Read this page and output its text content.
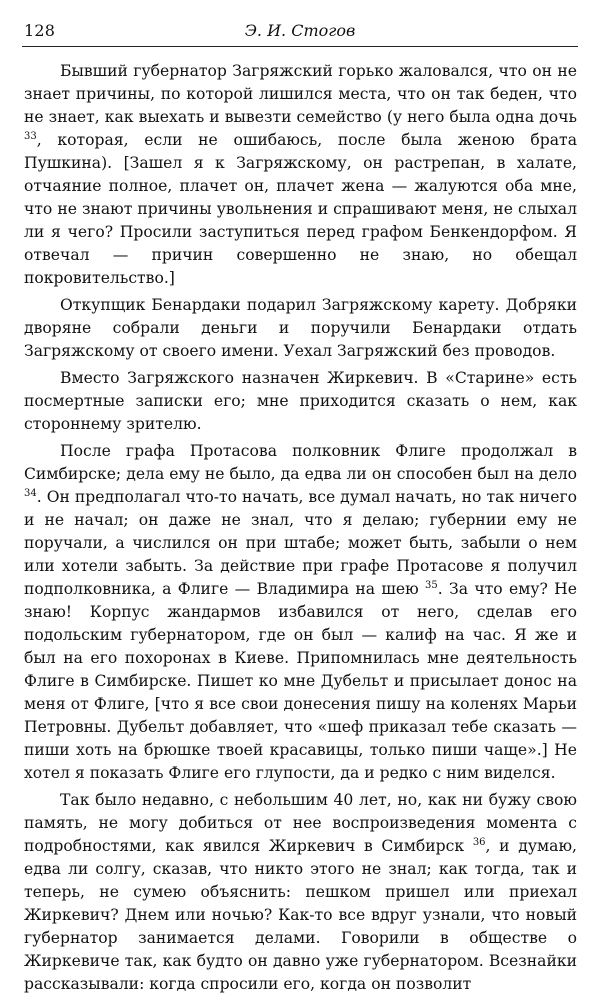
128	Э. И. Стогов

Бывший губернатор Загряжский горько жаловался, что он не знает причины, по которой лишился места, что он так беден, что не знает, как выехать и вывезти семейство (у него была одна дочь $^{33}$, которая, если не ошибаюсь, после была женою брата Пушкина). [Зашел я к Загряжскому, он растрепан, в халате, отчаяние полное, плачет он, плачет жена — жалуются оба мне, что не знают причины увольнения и спрашивают меня, не слыхал ли я чего? Просили заступиться перед графом Бенкендорфом. Я отвечал — причин совершенно не знаю, но обещал покровительство.]

Откупщик Бенардаки подарил Загряжскому карету. Добряки дворяне собрали деньги и поручили Бенардаки отдать Загряжскому от своего имени. Уехал Загряжский без проводов.

Вместо Загряжского назначен Жиркевич. В «Старине» есть посмертные записки его; мне приходится сказать о нем, как стороннему зрителю.

После графа Протасова полковник Флиге продолжал в Симбирске; дела ему не было, да едва ли он способен был на дело $^{34}$. Он предполагал что-то начать, все думал начать, но так ничего и не начал; он даже не знал, что я делаю; губернии ему не поручали, а числился он при штабе; может быть, забыли о нем или хотели забыть. За действие при графе Протасове я получил подполковника, а Флиге — Владимира на шею $^{35}$. За что ему? Не знаю! Корпус жандармов избавился от него, сделав его подольским губернатором, где он был — калиф на час. Я же и был на его похоронах в Киеве. Припомнилась мне деятельность Флиге в Симбирске. Пишет ко мне Дубельт и присылает донос на меня от Флиге, [что я все свои донесения пишу на коленях Марьи Петровны. Дубельт добавляет, что «шеф приказал тебе сказать — пиши хоть на брюшке твоей красавицы, только пиши чаще».] Не хотел я показать Флиге его глупости, да и редко с ним виделся.

Так было недавно, с небольшим 40 лет, но, как ни бужу свою память, не могу добиться от нее воспроизведения момента с подробностями, как явился Жиркевич в Симбирск $^{36}$, и думаю, едва ли солгу, сказав, что никто этого не знал; как тогда, так и теперь, не сумею объяснить: пешком пришел или приехал Жиркевич? Днем или ночью? Как-то все вдруг узнали, что новый губернатор занимается делами. Говорили в обществе о Жиркевиче так, как будто он давно уже губернатором. Всезнайки рассказывали: когда спросили его, когда он позволит
